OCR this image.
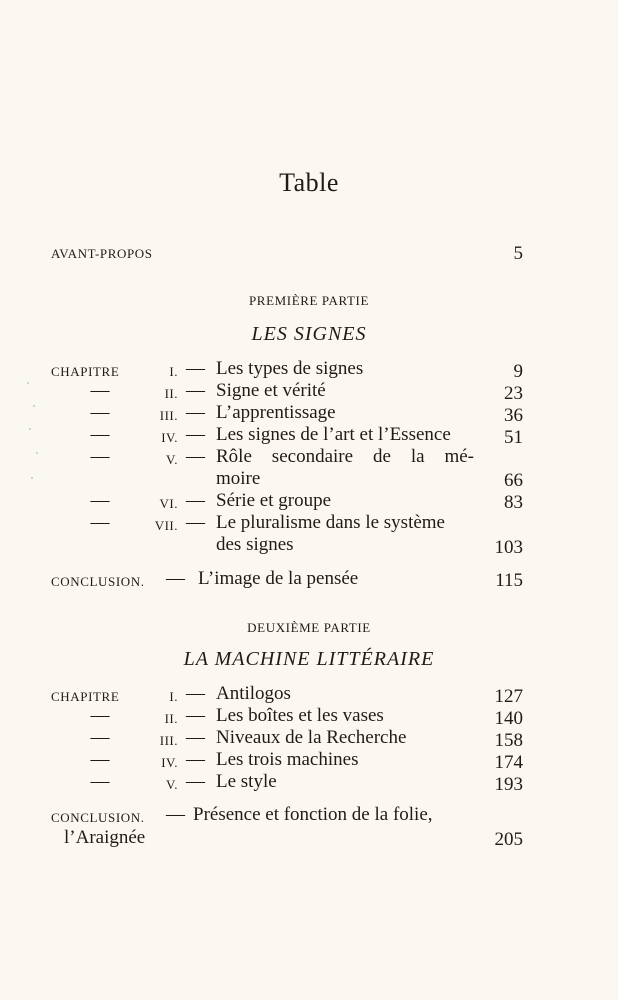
Table
AVANT-PROPOS	5
PREMIÈRE PARTIE
LES SIGNES
CHAPITRE	I. — Les types de signes	9
—	II. — Signe et vérité	23
—	III. — L’apprentissage	36
—	IV. — Les signes de l’art et l’Essence	51
—	V. — Rôle secondaire de la mé-
moire	66
—	VI. — Série et groupe	83
—	VII. — Le pluralisme dans le système
des signes	103
CONCLUSION. — L’image de la pensée	115
DEUXIÈME PARTIE
LA MACHINE LITTÉRAIRE
CHAPITRE	I. — Antilogos	127
—	II. — Les boîtes et les vases	140
—	III. — Niveaux de la Recherche	158
—	IV. — Les trois machines	174
—	V. — Le style	193
CONCLUSION. — Présence et fonction de la folie,
l’Araignée	205
